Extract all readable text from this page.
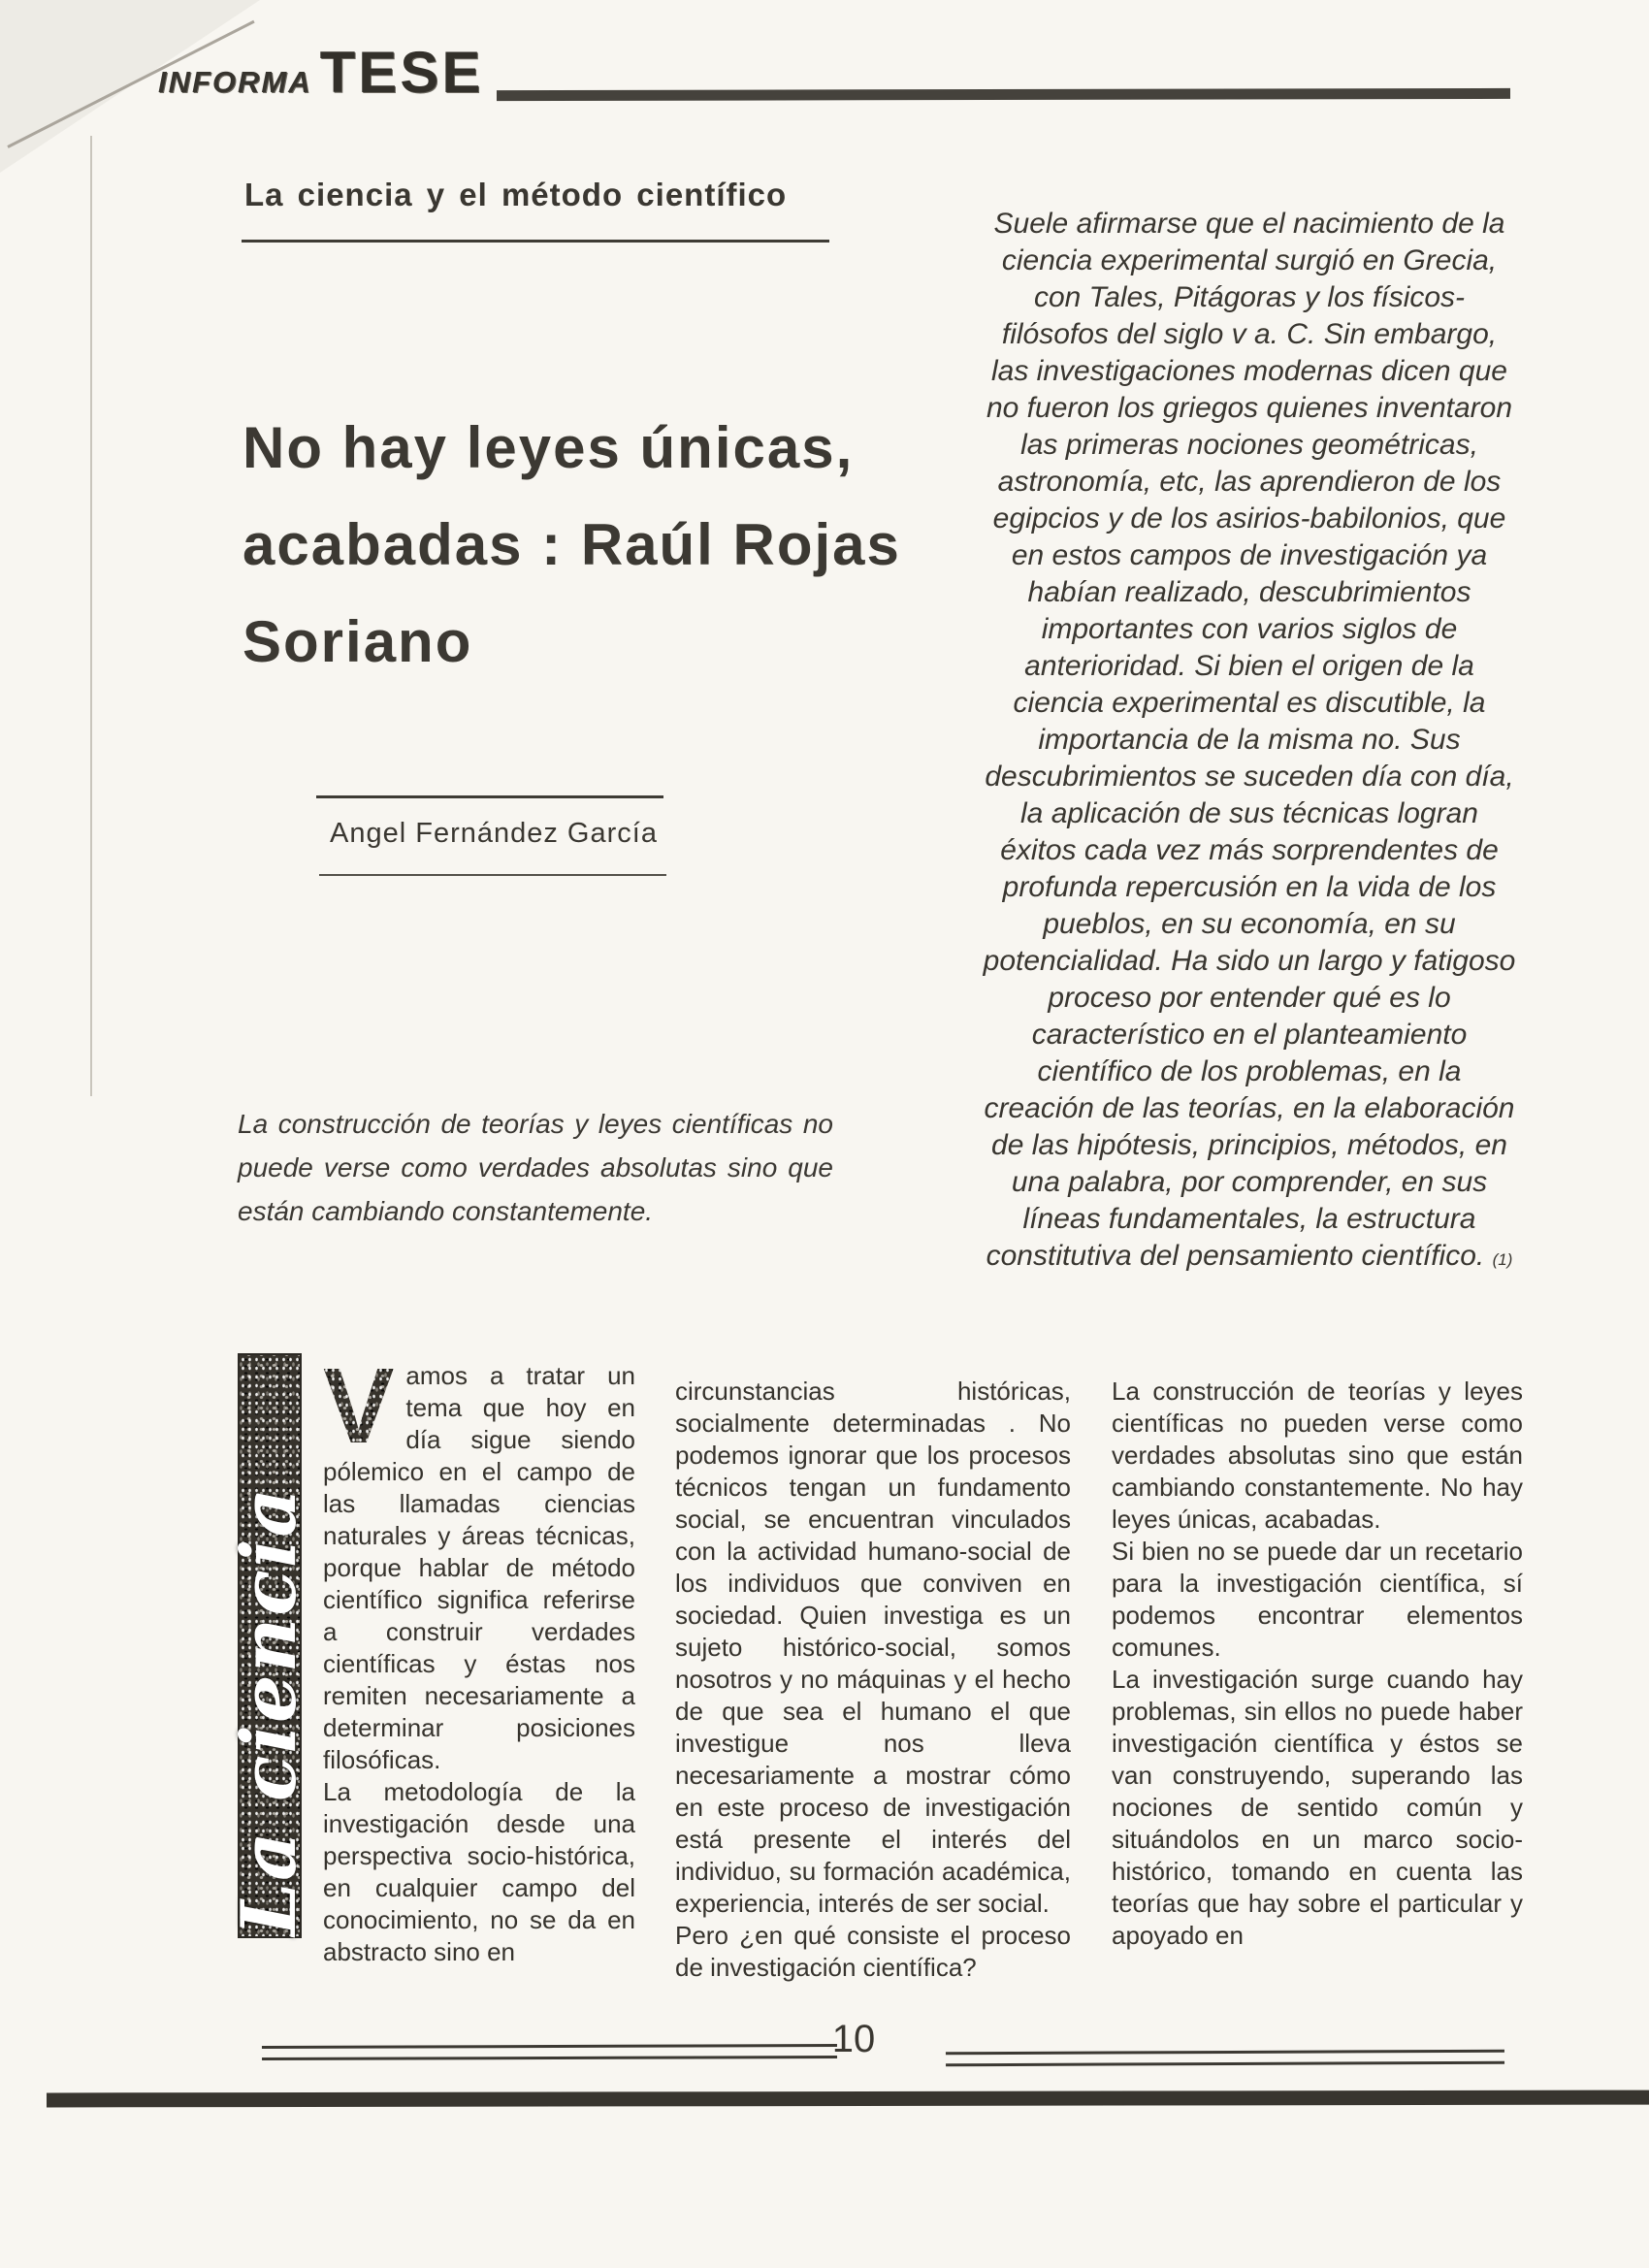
INFORMA TESE
La ciencia y el método científico
No hay leyes únicas,
acabadas : Raúl Rojas
Soriano
Angel Fernández García

La construcción de teorías y leyes científicas no puede verse como verdades absolutas sino que están cambiando constantemente.

Suele afirmarse que el nacimiento de la ciencia experimental surgió en Grecia, con Tales, Pitágoras y los físicos-filósofos del siglo v a. C. Sin embargo, las investigaciones modernas dicen que no fueron los griegos quienes inventaron las primeras nociones geométricas, astronomía, etc, las aprendieron de los egipcios y de los asirios-babilonios, que en estos campos de investigación ya habían realizado, descubrimientos importantes con varios siglos de anterioridad. Si bien el origen de la ciencia experimental es discutible, la importancia de la misma no. Sus descubrimientos se suceden día con día, la aplicación de sus técnicas logran éxitos cada vez más sorprendentes de profunda repercusión en la vida de los pueblos, en su economía, en su potencialidad. Ha sido un largo y fatigoso proceso por entender qué es lo característico en el planteamiento científico de los problemas, en la creación de las teorías, en la elaboración de las hipótesis, principios, métodos, en una palabra, por comprender, en sus líneas fundamentales, la estructura constitutiva del pensamiento científico. (1)
La ciencia

V amos a tratar un tema que hoy en día sigue siendo pólemico en el campo de las llamadas ciencias naturales y áreas técnicas, porque hablar de método científico significa referirse a construir verdades científicas y éstas nos remiten necesariamente a determinar posiciones filosóficas.

La metodología de la investigación desde una perspectiva socio-histórica, en cualquier campo del conocimiento, no se da en abstracto sino en

circunstancias históricas, socialmente determinadas . No podemos ignorar que los procesos técnicos tengan un fundamento social, se encuentran vinculados con la actividad humano-social de los individuos que conviven en sociedad. Quien investiga es un sujeto histórico-social, somos nosotros y no máquinas y el hecho de que sea el humano el que investigue nos lleva necesariamente a mostrar cómo en este proceso de investigación está presente el interés del individuo, su formación académica, experiencia, interés de ser social.

Pero ¿en qué consiste el proceso de investigación científica?

La construcción de teorías y leyes científicas no pueden verse como verdades absolutas sino que están cambiando constantemente. No hay leyes únicas, acabadas.

Si bien no se puede dar un recetario para la investigación científica, sí podemos encontrar elementos comunes.

La investigación surge cuando hay problemas, sin ellos no puede haber investigación científica y éstos se van construyendo, superando las nociones de sentido común y situándolos en un marco socio-histórico, tomando en cuenta las teorías que hay sobre el particular y apoyado en

10
